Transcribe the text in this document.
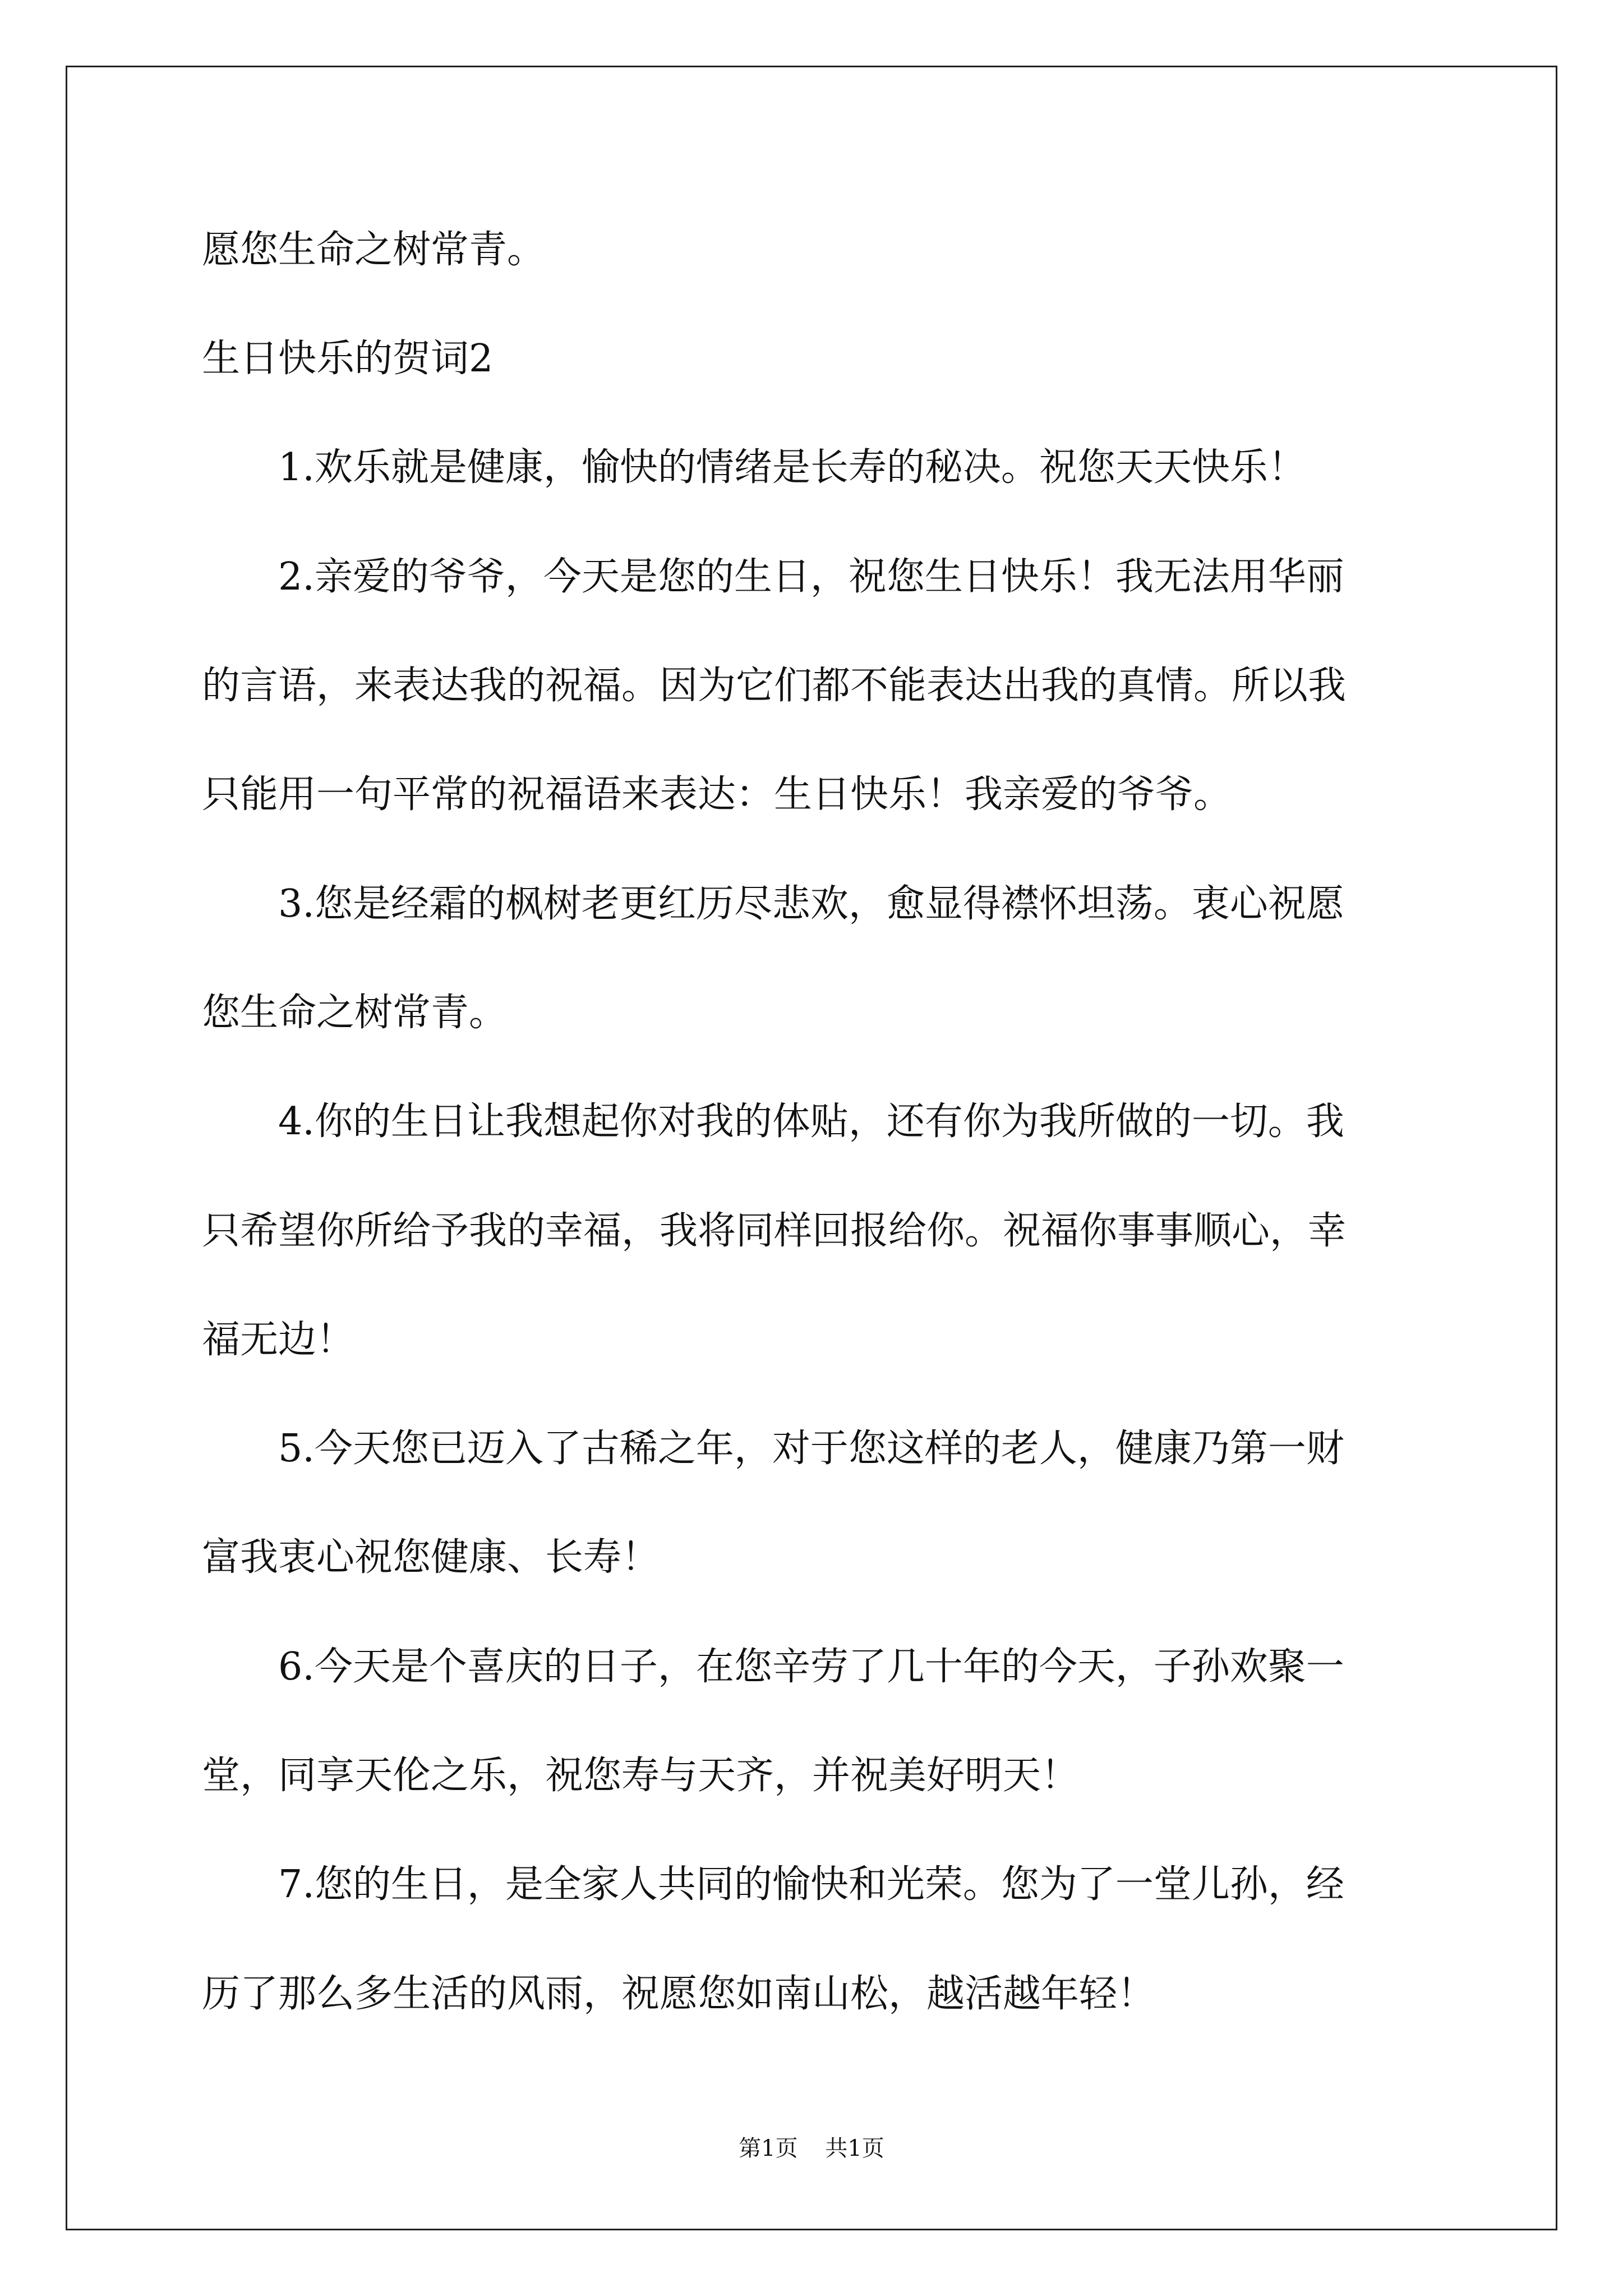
愿您生命之树常青。

生日快乐的贺词2

　　1.欢乐就是健康，愉快的情绪是长寿的秘决。祝您天天快乐！

　　2.亲爱的爷爷，今天是您的生日，祝您生日快乐！我无法用华丽

的言语，来表达我的祝福。因为它们都不能表达出我的真情。所以我

只能用一句平常的祝福语来表达：生日快乐！我亲爱的爷爷。

　　3.您是经霜的枫树老更红历尽悲欢，愈显得襟怀坦荡。衷心祝愿

您生命之树常青。

　　4.你的生日让我想起你对我的体贴，还有你为我所做的一切。我

只希望你所给予我的幸福，我将同样回报给你。祝福你事事顺心，幸

福无边！

　　5.今天您已迈入了古稀之年，对于您这样的老人，健康乃第一财

富我衷心祝您健康、长寿！

　　6.今天是个喜庆的日子，在您辛劳了几十年的今天，子孙欢聚一

堂，同享天伦之乐，祝您寿与天齐，并祝美好明天！

　　7.您的生日，是全家人共同的愉快和光荣。您为了一堂儿孙，经

历了那么多生活的风雨，祝愿您如南山松，越活越年轻！

第1页 共1页
